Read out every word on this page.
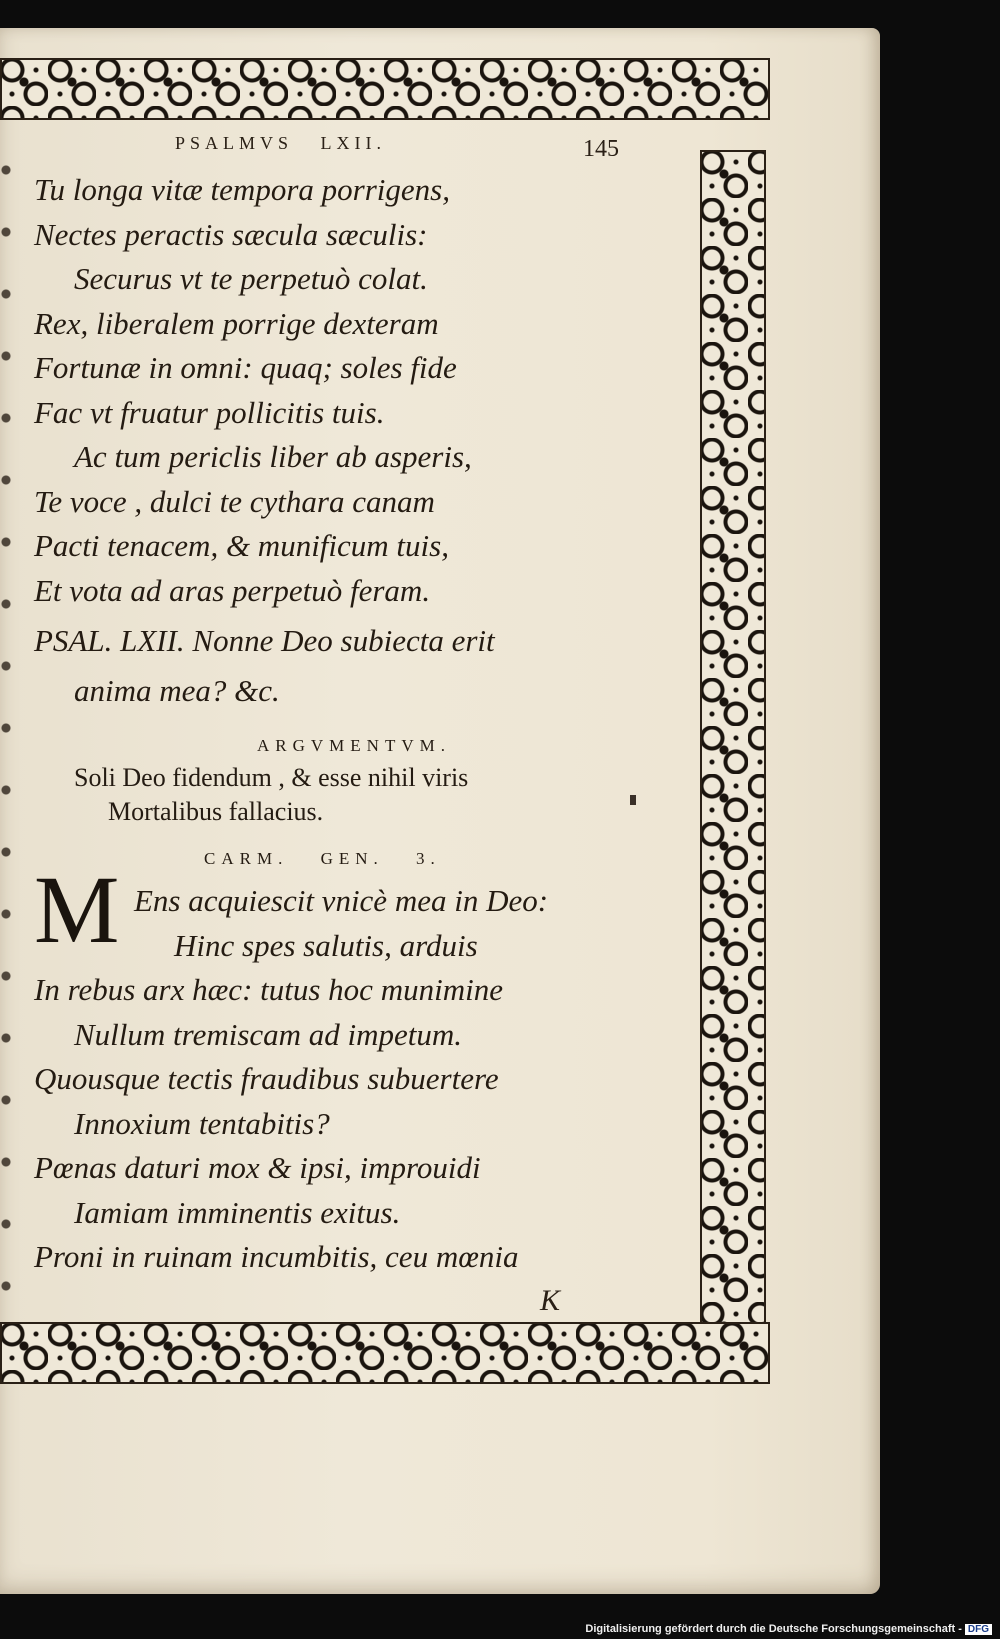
PSALMVS LXII.	145
Tu longa vitæ tempora porrigens,
Nectes peractis sæcula sæculis:
Securus vt te perpetuò colat.
Rex, liberalem porrige dexteram
Fortunæ in omni: quaq; soles fide
Fac vt fruatur pollicitis tuis.
Ac tum periclis liber ab asperis,
Te voce , dulci te cythara canam
Pacti tenacem, & munificum tuis,
Et vota ad aras perpetuò feram.
PSAL. LXII. Nonne Deo subiecta erit
anima mea? &c.
ARGVMENTVM.
Soli Deo fidendum , & esse nihil viris
Mortalibus fallacius.
CARM. GEN. 3.
Ens acquiescit vnicè mea in Deo:
Hinc spes salutis, arduis
In rebus arx hæc: tutus hoc munimine
Nullum tremiscam ad impetum.
Quousque tectis fraudibus subuertere
Innoxium tentabitis?
Pœnas daturi mox & ipsi, improuidi
Iamiam imminentis exitus.
Proni in ruinam incumbitis, ceu mœnia
M
K
Digitalisierung gefördert durch die Deutsche Forschungsgemeinschaft - DFG
